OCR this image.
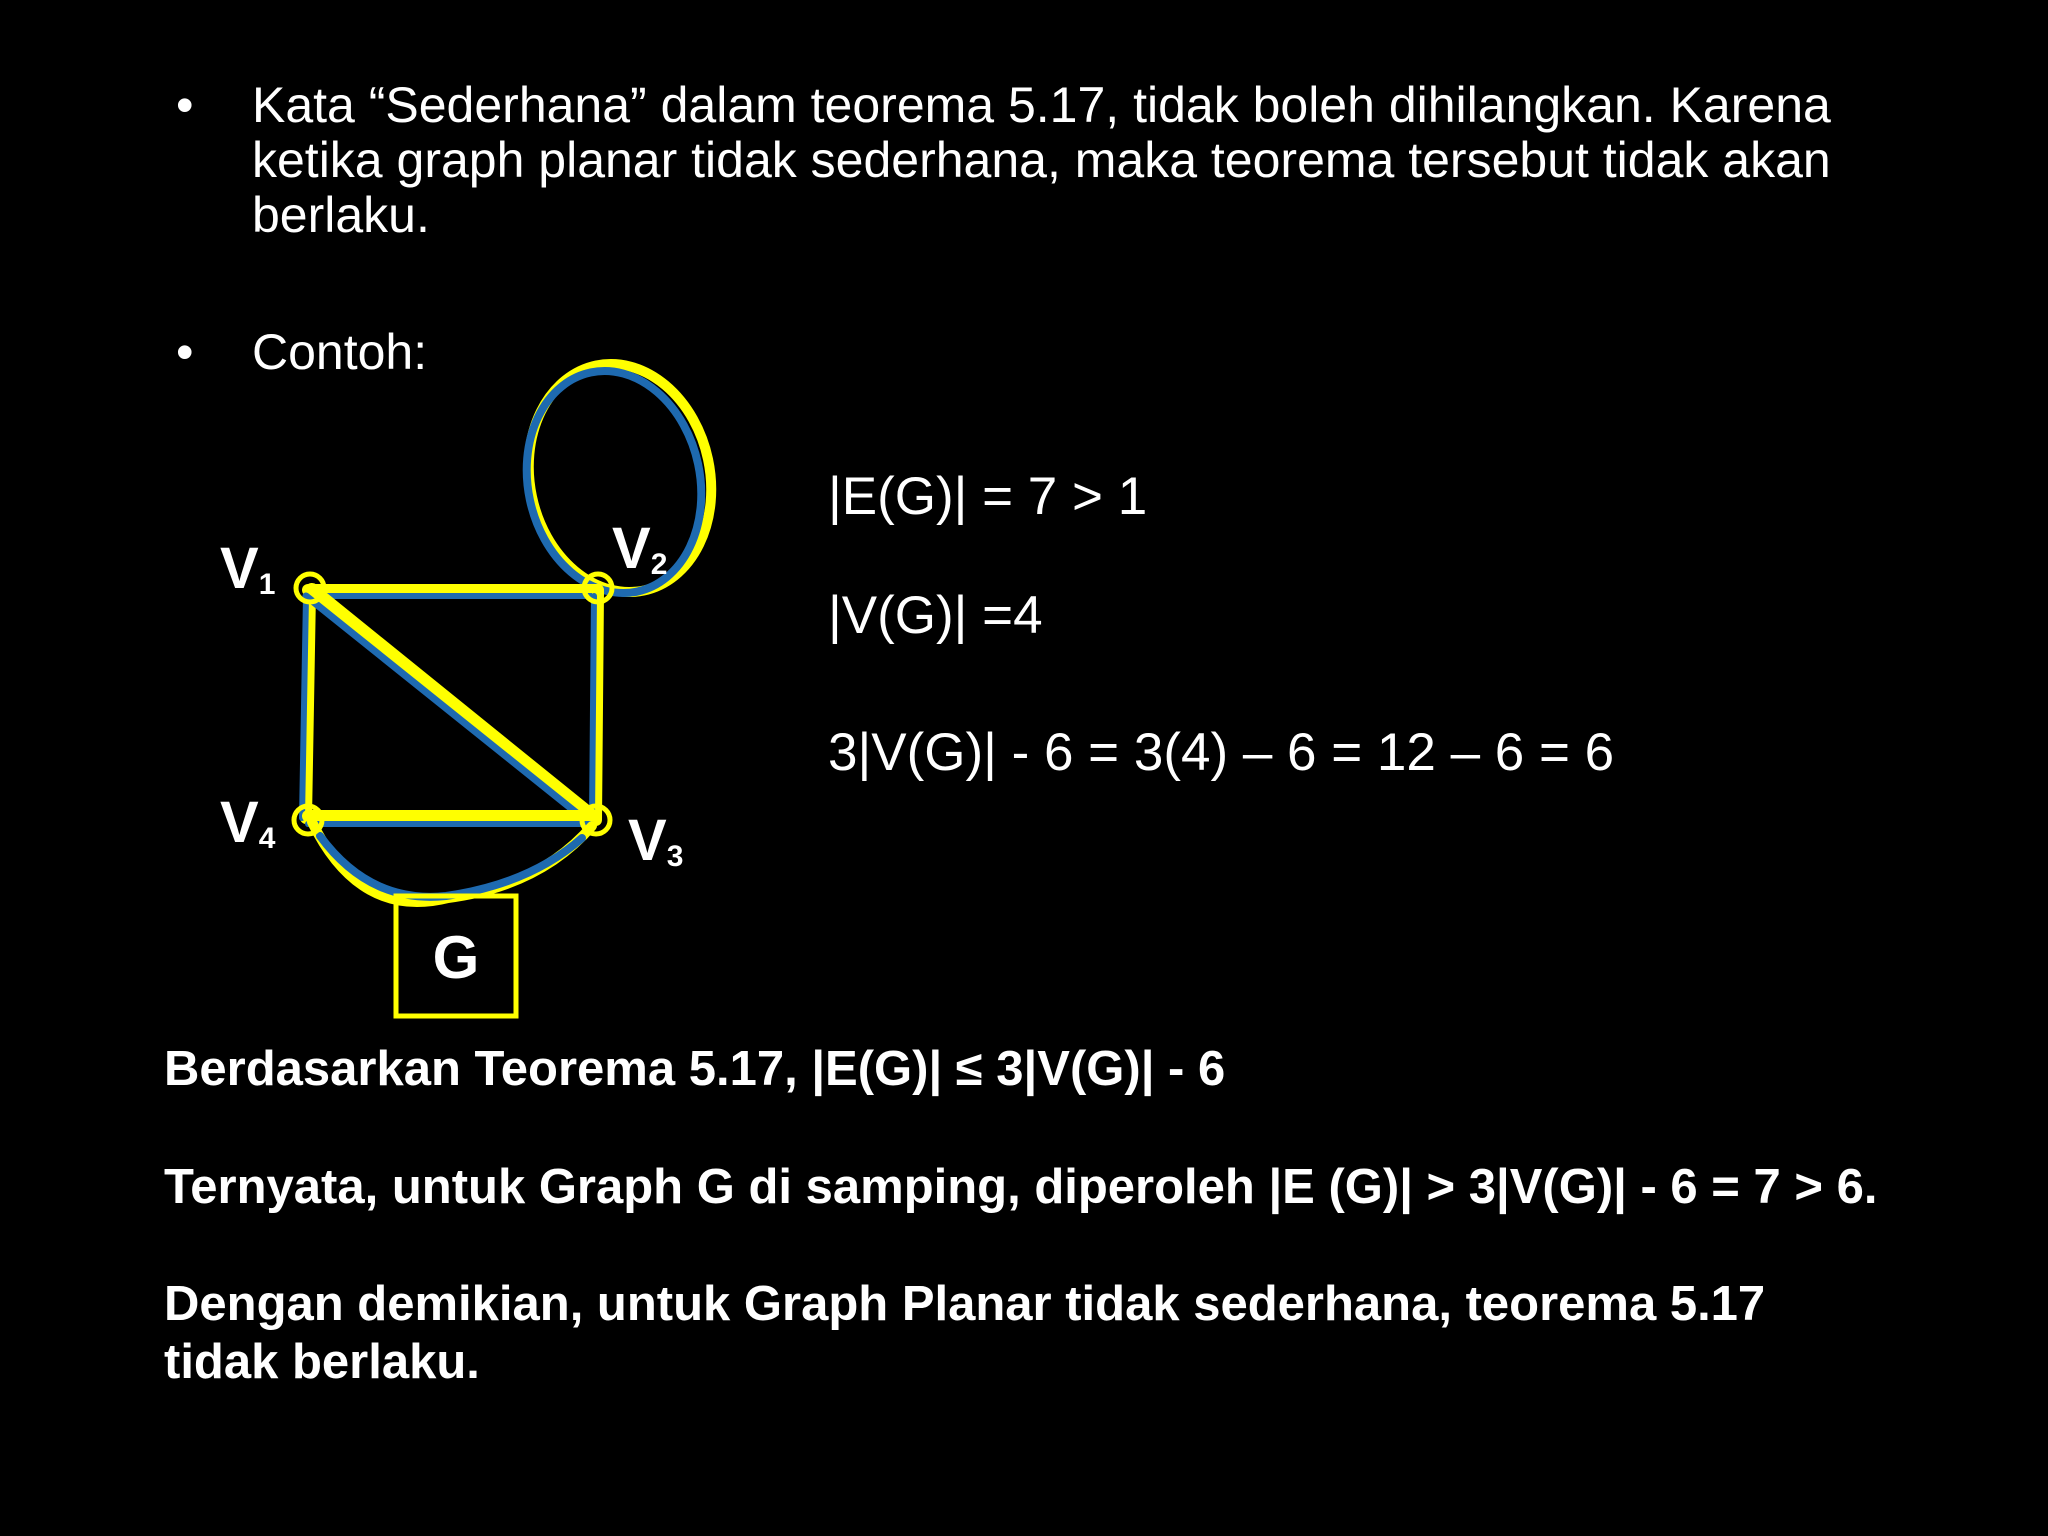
•	Kata “Sederhana” dalam teorema 5.17, tidak boleh dihilangkan. Karena ketika graph planar tidak sederhana, maka teorema tersebut tidak akan berlaku.
•	Contoh:
V1
V2
V3
V4
G
|E(G)| = 7 > 1
|V(G)| =4
3|V(G)| - 6 = 3(4) – 6 = 12 – 6 = 6
Berdasarkan Teorema 5.17, |E(G)| ≤ 3|V(G)| - 6
Ternyata, untuk Graph G di samping, diperoleh |E (G)| > 3|V(G)| - 6 = 7 > 6.
Dengan demikian, untuk Graph Planar tidak sederhana, teorema 5.17 tidak berlaku.
